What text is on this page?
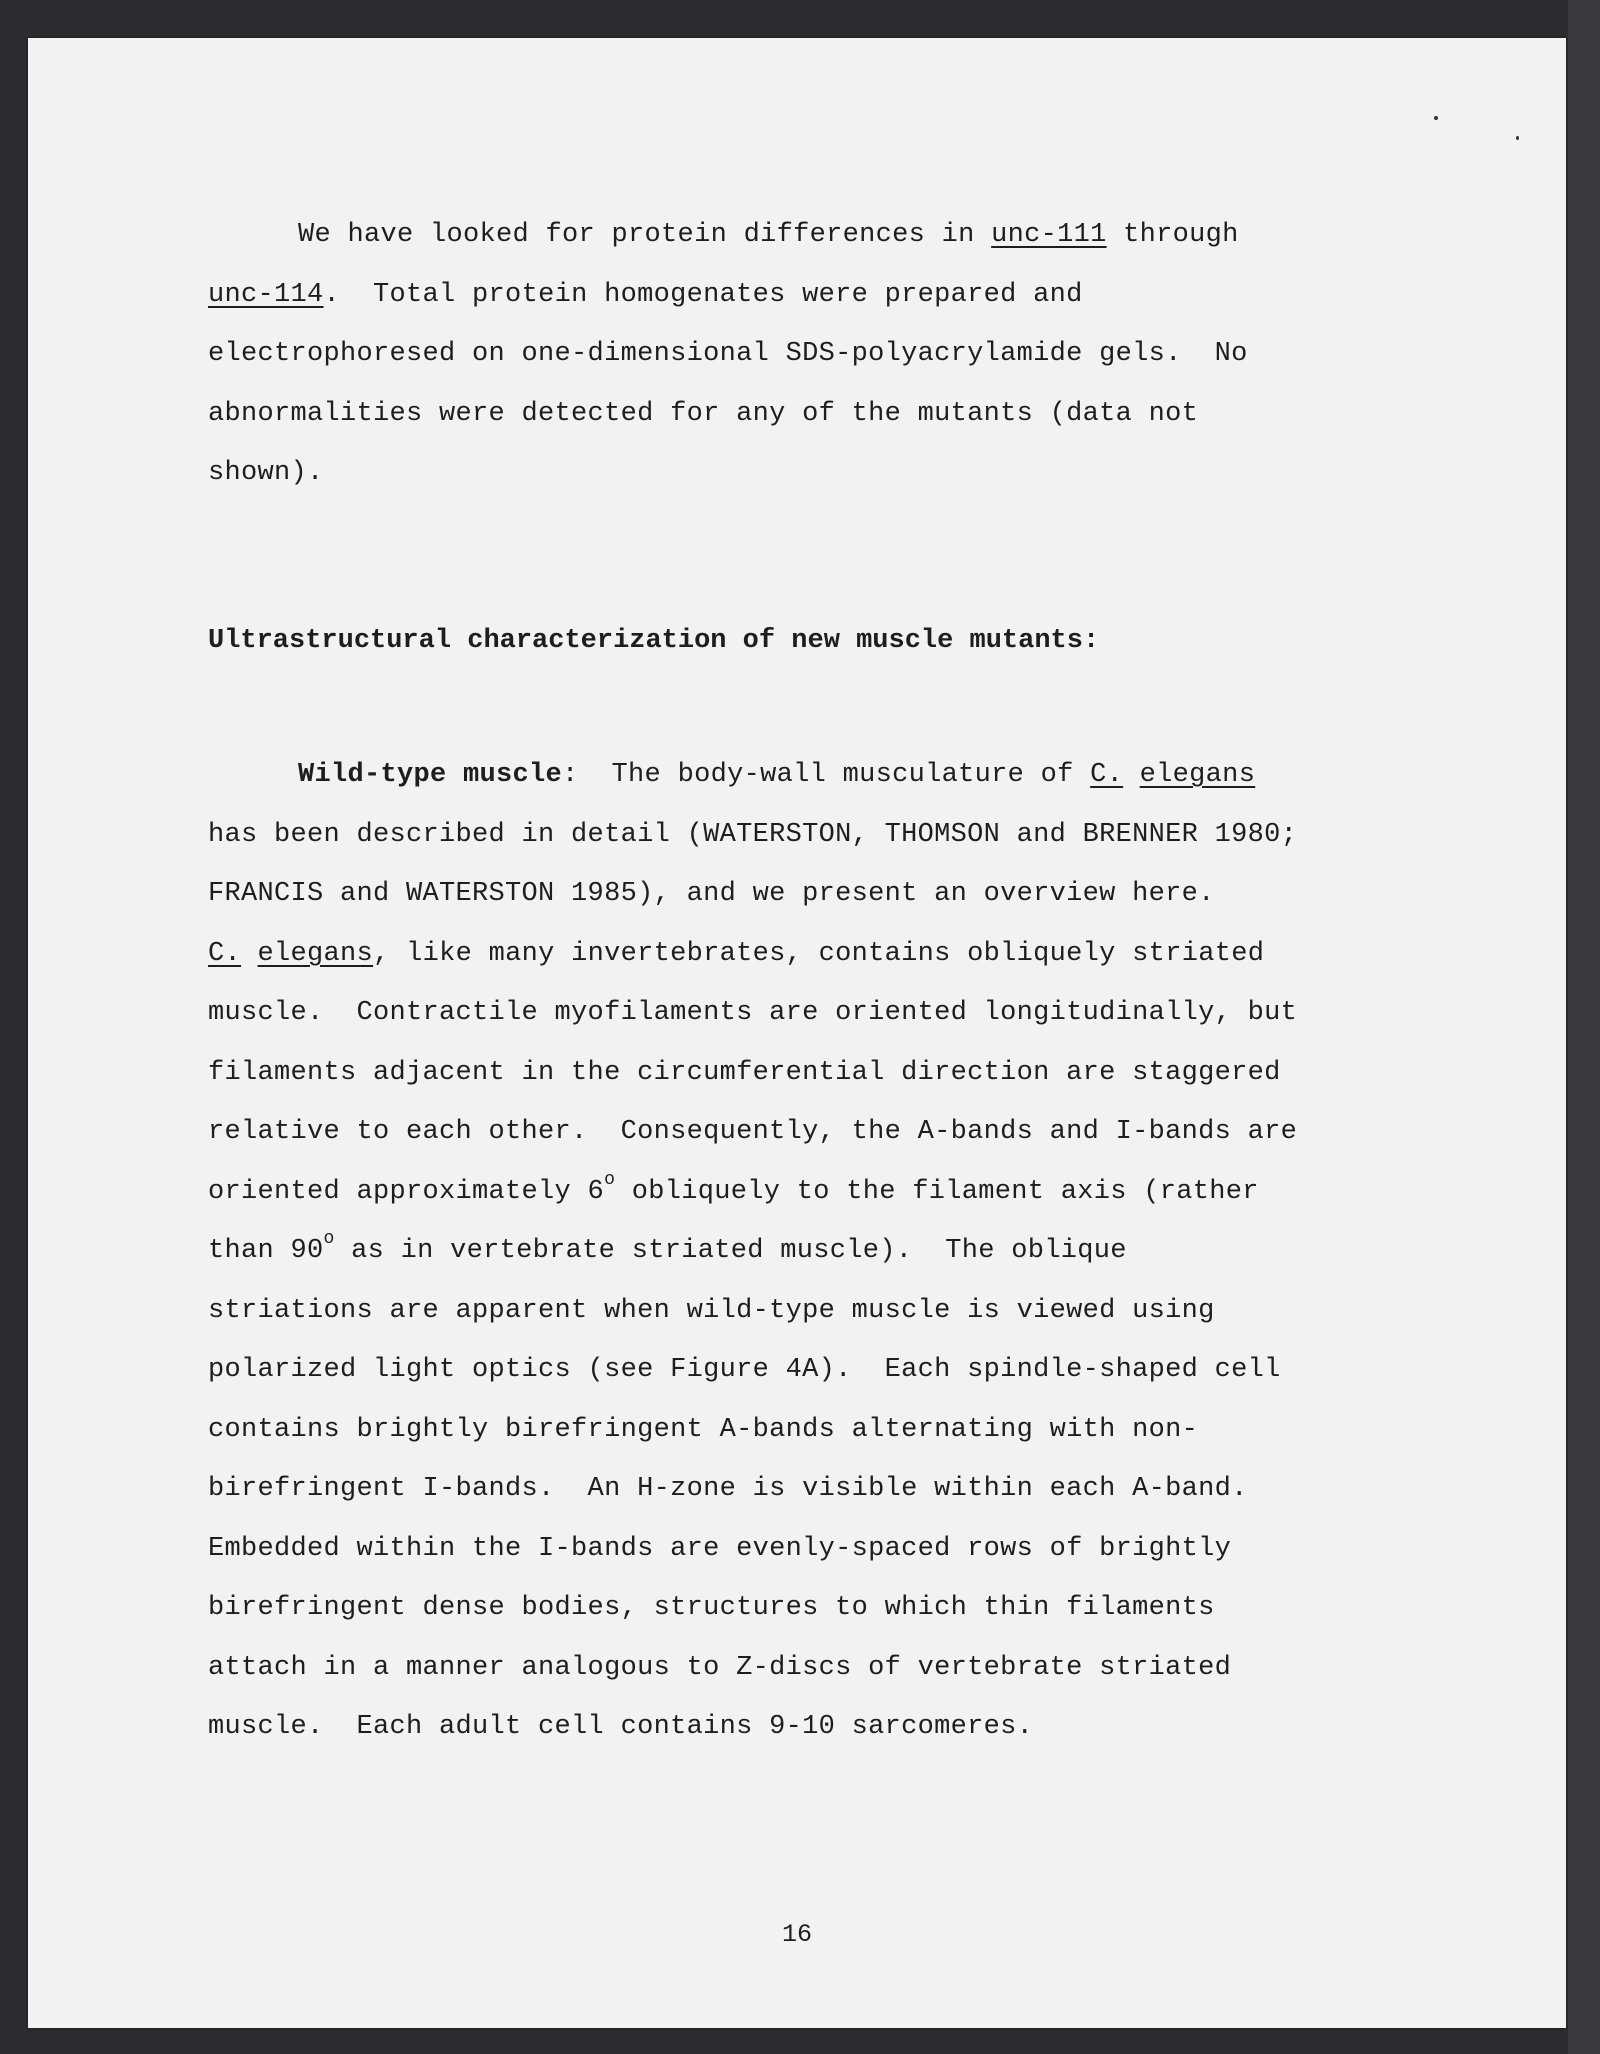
We have looked for protein differences in unc-111 through
unc-114.  Total protein homogenates were prepared and
electrophoresed on one-dimensional SDS-polyacrylamide gels.  No
abnormalities were detected for any of the mutants (data not
shown).

Ultrastructural characterization of new muscle mutants:

Wild-type muscle:  The body-wall musculature of C. elegans
has been described in detail (WATERSTON, THOMSON and BRENNER 1980;
FRANCIS and WATERSTON 1985), and we present an overview here.
C. elegans, like many invertebrates, contains obliquely striated
muscle.  Contractile myofilaments are oriented longitudinally, but
filaments adjacent in the circumferential direction are staggered
relative to each other.  Consequently, the A-bands and I-bands are
oriented approximately 6$^o$ obliquely to the filament axis (rather
than 90$^o$ as in vertebrate striated muscle).  The oblique
striations are apparent when wild-type muscle is viewed using
polarized light optics (see Figure 4A).  Each spindle-shaped cell
contains brightly birefringent A-bands alternating with non-
birefringent I-bands.  An H-zone is visible within each A-band.
Embedded within the I-bands are evenly-spaced rows of brightly
birefringent dense bodies, structures to which thin filaments
attach in a manner analogous to Z-discs of vertebrate striated
muscle.  Each adult cell contains 9-10 sarcomeres.

16
